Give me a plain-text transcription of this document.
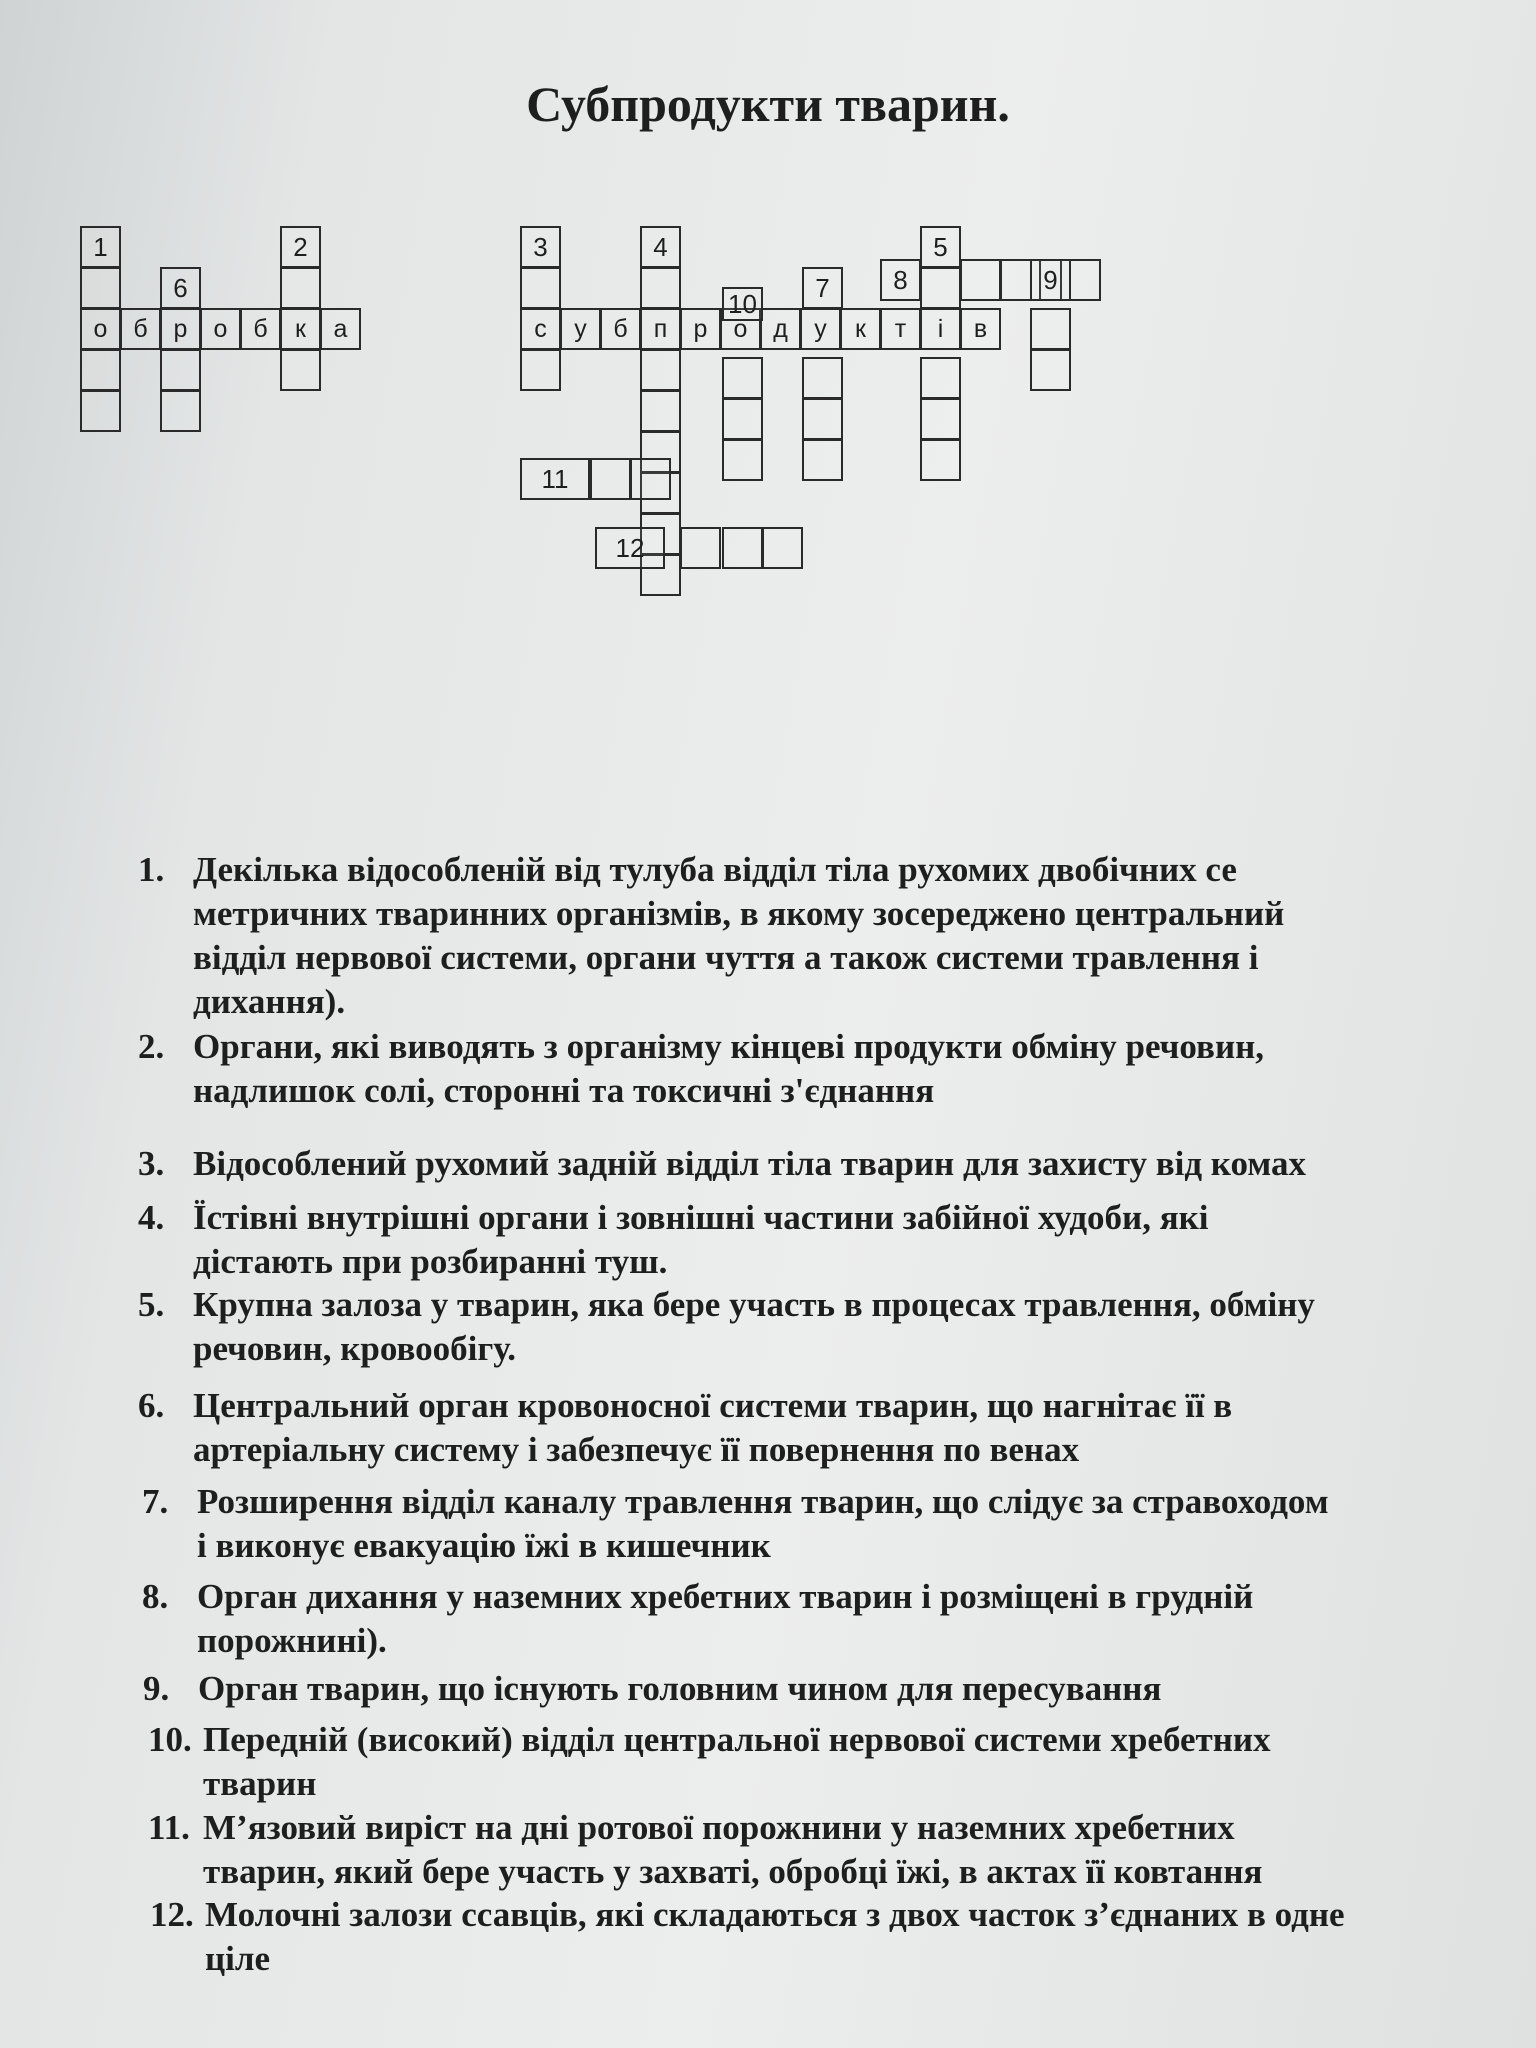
Субпродукти тварин.
о	б	р	о	б	к	а	с	у	б	п	р	о	д	у	к	т	і	в
1
6
2	3	4
10
7
5
8	9
11
12
1. Декілька відособленій від тулуба відділ тіла рухомих двобічних се
метричних тваринних організмів, в якому зосереджено центральний
відділ нервової системи, органи чуття а також системи травлення і
дихання).
2. Органи, які виводять з організму кінцеві продукти обміну речовин,
надлишок солі, сторонні та токсичні з'єднання
3. Відособлений рухомий задній відділ тіла тварин для захисту від комах
4. Їстівні внутрішні органи і зовнішні частини забійної худоби, які
дістають при розбиранні туш.
5. Крупна залоза у тварин, яка бере участь в процесах травлення, обміну
речовин, кровообігу.
6. Центральний орган кровоносної системи тварин, що нагнітає її в
артеріальну систему і забезпечує її повернення по венах
7. Розширення відділ каналу травлення тварин, що слідує за стравоходом
і виконує евакуацію їжі в кишечник
8. Орган дихання у наземних хребетних тварин і розміщені в грудній
порожнині).
9. Орган тварин, що існують головним чином для пересування
10. Передній (високий) відділ центральної нервової системи хребетних
тварин
11. М’язовий виріст на дні ротової порожнини у наземних хребетних
тварин, який бере участь у захваті, обробці їжі, в актах її ковтання
12. Молочні залози ссавців, які складаються з двох часток з’єднаних в одне
ціле
